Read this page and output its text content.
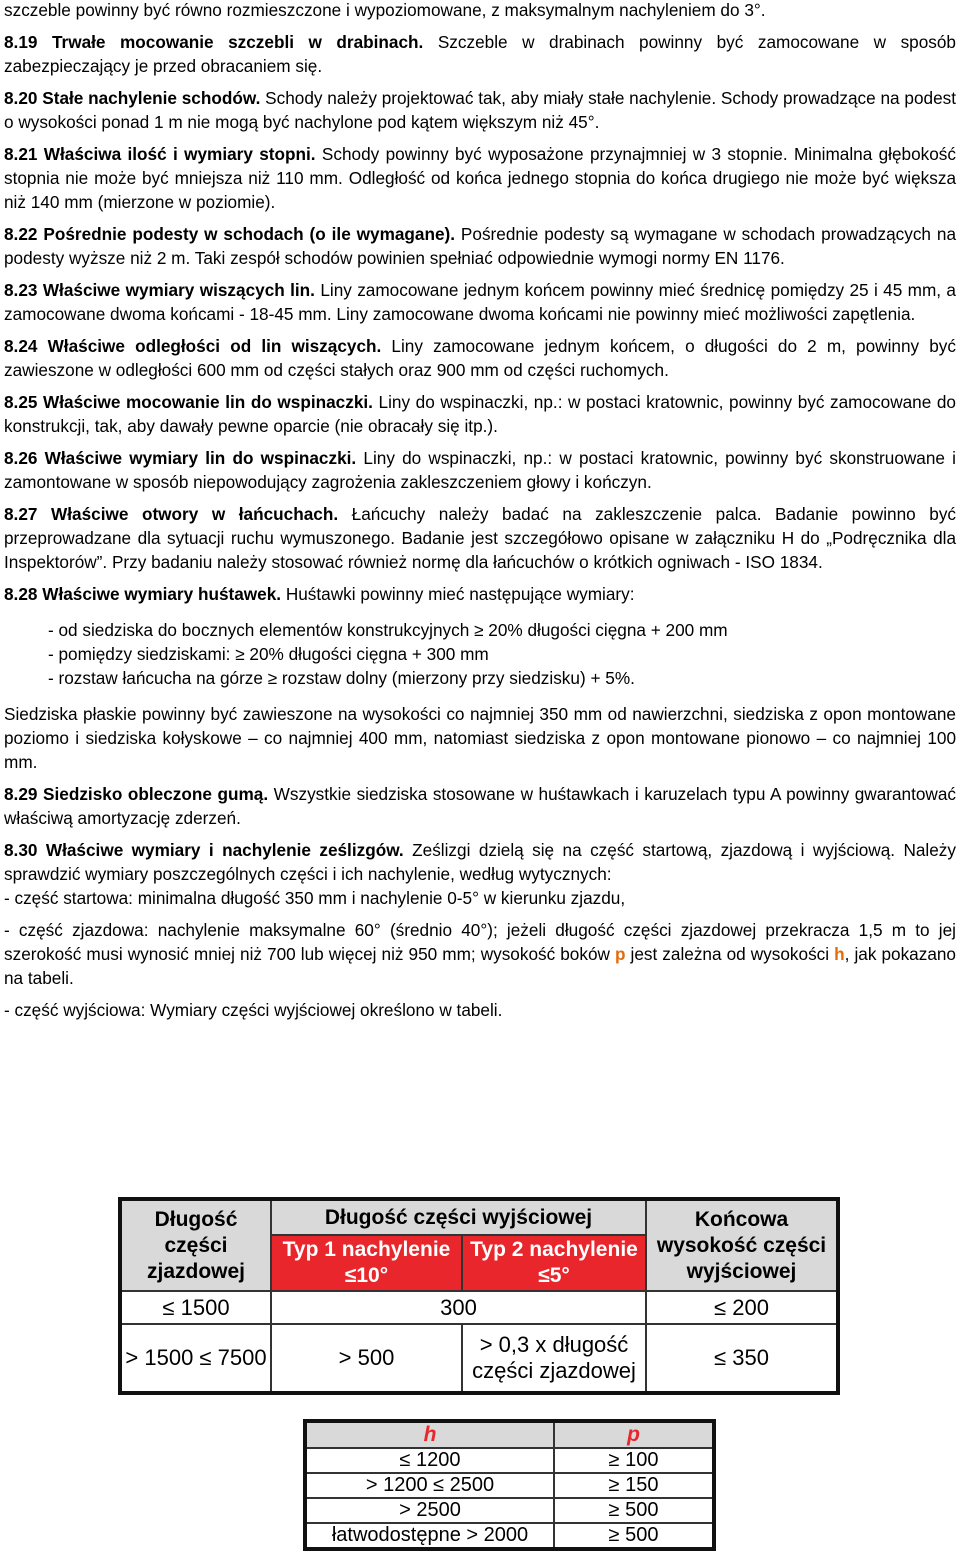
szczeble powinny być równo rozmieszczone i wypoziomowane, z maksymalnym nachyleniem do 3°.

8.19 Trwałe mocowanie szczebli w drabinach. Szczeble w drabinach powinny być zamocowane w sposób zabezpieczający je przed obracaniem się.

8.20 Stałe nachylenie schodów. Schody należy projektować tak, aby miały stałe nachylenie. Schody prowadzące na podest o wysokości ponad 1 m nie mogą być nachylone pod kątem większym niż 45°.

8.21 Właściwa ilość i wymiary stopni. Schody powinny być wyposażone przynajmniej w 3 stopnie. Minimalna głębokość stopnia nie może być mniejsza niż 110 mm. Odległość od końca jednego stopnia do końca drugiego nie może być większa niż 140 mm (mierzone w poziomie).

8.22 Pośrednie podesty w schodach (o ile wymagane). Pośrednie podesty są wymagane w schodach prowadzących na podesty wyższe niż 2 m. Taki zespół schodów powinien spełniać odpowiednie wymogi normy EN 1176.

8.23 Właściwe wymiary wiszących lin. Liny zamocowane jednym końcem powinny mieć średnicę pomiędzy 25 i 45 mm, a zamocowane dwoma końcami - 18-45 mm. Liny zamocowane dwoma końcami nie powinny mieć możliwości zapętlenia.

8.24 Właściwe odległości od lin wiszących. Liny zamocowane jednym końcem, o długości do 2 m, powinny być zawieszone w odległości 600 mm od części stałych oraz 900 mm od części ruchomych.

8.25 Właściwe mocowanie lin do wspinaczki. Liny do wspinaczki, np.: w postaci kratownic, powinny być zamocowane do konstrukcji, tak, aby dawały pewne oparcie (nie obracały się itp.).

8.26 Właściwe wymiary lin do wspinaczki. Liny do wspinaczki, np.: w postaci kratownic, powinny być skonstruowane i zamontowane w sposób niepowodujący zagrożenia zakleszczeniem głowy i kończyn.

8.27 Właściwe otwory w łańcuchach. Łańcuchy należy badać na zakleszczenie palca. Badanie powinno być przeprowadzane dla sytuacji ruchu wymuszonego. Badanie jest szczegółowo opisane w załączniku H do „Podręcznika dla Inspektorów”. Przy badaniu należy stosować również normę dla łańcuchów o krótkich ogniwach - ISO 1834.

8.28 Właściwe wymiary huśtawek. Huśtawki powinny mieć następujące wymiary:

- od siedziska do bocznych elementów konstrukcyjnych ≥ 20% długości cięgna + 200 mm

- pomiędzy siedziskami: ≥ 20% długości cięgna + 300 mm

- rozstaw łańcucha na górze ≥ rozstaw dolny (mierzony przy siedzisku) + 5%.

Siedziska płaskie powinny być zawieszone na wysokości co najmniej 350 mm od nawierzchni, siedziska z opon montowane poziomo i siedziska kołyskowe – co najmniej 400 mm, natomiast siedziska z opon montowane pionowo – co najmniej 100 mm.

8.29 Siedzisko obleczone gumą. Wszystkie siedziska stosowane w huśtawkach i karuzelach typu A powinny gwarantować właściwą amortyzację zderzeń.

8.30 Właściwe wymiary i nachylenie ześlizgów. Ześlizgi dzielą się na część startową, zjazdową i wyjściową. Należy sprawdzić wymiary poszczególnych części i ich nachylenie, według wytycznych:

- część startowa: minimalna długość 350 mm i nachylenie 0-5° w kierunku zjazdu,

- część zjazdowa: nachylenie maksymalne 60° (średnio 40°); jeżeli długość części zjazdowej przekracza 1,5 m to jej szerokość musi wynosić mniej niż 700 lub więcej niż 950 mm; wysokość boków p jest zależna od wysokości h, jak pokazano na tabeli.

- część wyjściowa: Wymiary części wyjściowej określono w tabeli.

Długość części zjazdowej	Długość części wyjściowej		Końcowa wysokość części wyjściowej
	Typ 1 nachylenie ≤10°	Typ 2 nachylenie ≤5°	
≤ 1500	300		≤ 200
> 1500 ≤ 7500	> 500	> 0,3 x długość części zjazdowej	≤ 350
h	p
≤ 1200	≥ 100
> 1200 ≤ 2500	≥ 150
> 2500	≥ 500
łatwodostępne > 2000	≥ 500
